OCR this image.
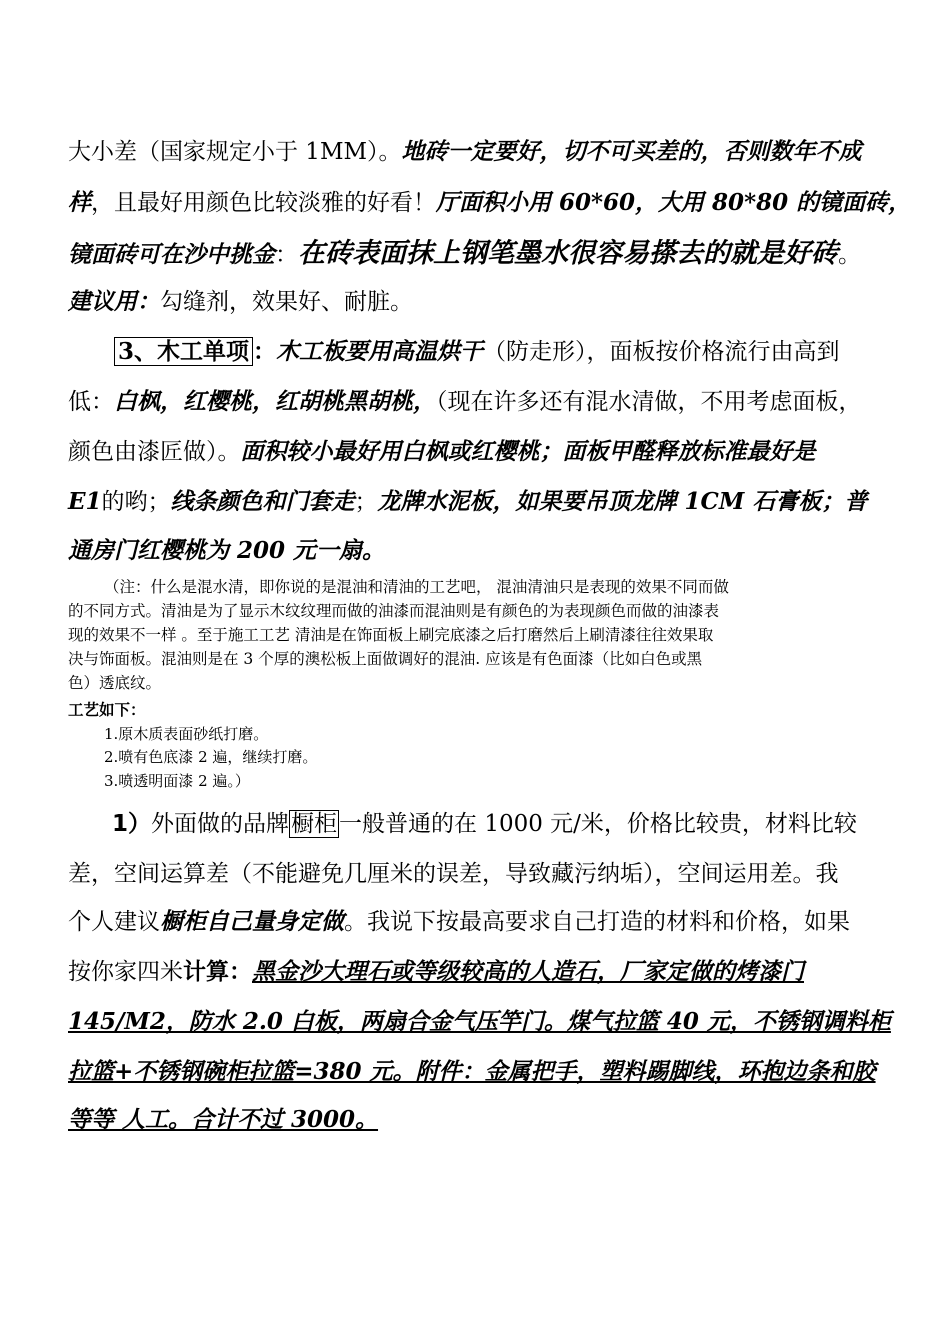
大小差（国家规定小于 1MM）。地砖一定要好，切不可买差的，否则数年不成
样，且最好用颜色比较淡雅的好看！厅面积小用 60*60，大用 80*80 的镜面砖，
镜面砖可在沙中挑金：在砖表面抹上钢笔墨水很容易搽去的就是好砖。
建议用：勾缝剂，效果好、耐脏。
3、木工单项 ：木工板要用高温烘干（防走形），面板按价格流行由高到
低：白枫，红樱桃，红胡桃黑胡桃，（现在许多还有混水清做，不用考虑面板，
颜色由漆匠做）。面积较小最好用白枫或红樱桃；面板甲醛释放标准最好是
E1的哟；线条颜色和门套走；龙牌水泥板，如果要吊顶龙牌 1CM 石膏板；普
通房门红樱桃为 200 元一扇。
（注：什么是混水清，即你说的是混油和清油的工艺吧， 混油清油只是表现的效果不同而做
的不同方式。清油是为了显示木纹纹理而做的油漆而混油则是有颜色的为表现颜色而做的油漆表
现的效果不一样 。至于施工工艺 清油是在饰面板上刷完底漆之后打磨然后上刷清漆往往效果取
决与饰面板。混油则是在 3 个厚的澳松板上面做调好的混油. 应该是有色面漆（比如白色或黑
色）透底纹。
工艺如下：
1.原木质表面砂纸打磨。
2.喷有色底漆 2 遍，继续打磨。
3.喷透明面漆 2 遍。）
1）外面做的品牌橱柜一般普通的在 1000 元/米，价格比较贵，材料比较
差，空间运算差（不能避免几厘米的误差，导致藏污纳垢），空间运用差。我
个人建议橱柜自己量身定做。我说下按最高要求自己打造的材料和价格，如果
按你家四米计算：黑金沙大理石或等级较高的人造石，厂家定做的烤漆门
145/M2，防水 2.0 白板，两扇合金气压竿门。煤气拉篮 40 元，不锈钢调料柜
拉篮+不锈钢碗柜拉篮=380 元。附件：金属把手，塑料踢脚线，环抱边条和胶
等等 人工。合计不过 3000。
